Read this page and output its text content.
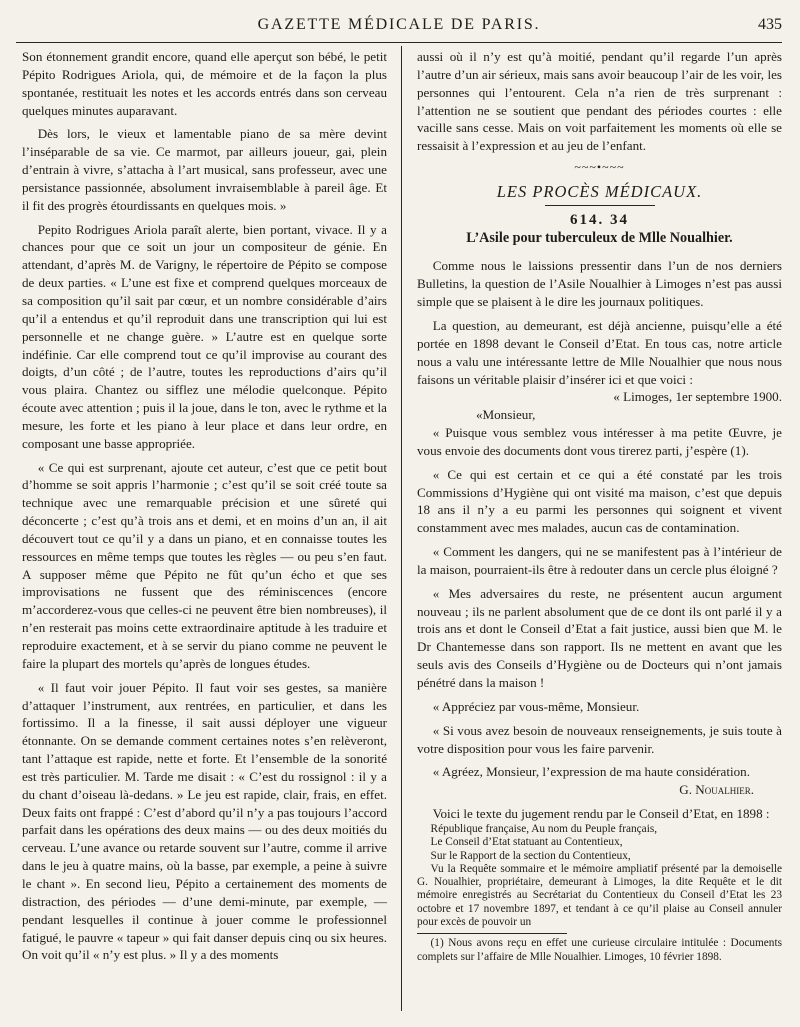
GAZETTE MÉDICALE DE PARIS.	435

Son étonnement grandit encore, quand elle aperçut son bébé, le petit Pépito Rodrigues Ariola, qui, de mémoire et de la façon la plus spontanée, restituait les notes et les accords entrés dans son cerveau quelques minutes auparavant.

Dès lors, le vieux et lamentable piano de sa mère devint l’inséparable de sa vie. Ce marmot, par ailleurs joueur, gai, plein d’entrain à vivre, s’attacha à l’art musical, sans professeur, avec une persistance passionnée, absolument invraisemblable à pareil âge. Et il fit des progrès étourdissants en quelques mois. »

Pepito Rodrigues Ariola paraît alerte, bien portant, vivace. Il y a chances pour que ce soit un jour un compositeur de génie. En attendant, d’après M. de Varigny, le répertoire de Pépito se compose de deux parties. « L’une est fixe et comprend quelques morceaux de sa composition qu’il sait par cœur, et un nombre considérable d’airs qu’il a entendus et qu’il reproduit dans une transcription qui lui est personnelle et ne change guère. » L’autre est en quelque sorte indéfinie. Car elle comprend tout ce qu’il improvise au courant des doigts, d’un côté ; de l’autre, toutes les reproductions d’airs qu’il vous plaira. Chantez ou sifflez une mélodie quelconque. Pépito écoute avec attention ; puis il la joue, dans le ton, avec le rythme et la mesure, les forte et les piano à leur place et dans leur ordre, en composant une basse appropriée.

« Ce qui est surprenant, ajoute cet auteur, c’est que ce petit bout d’homme se soit appris l’harmonie ; c’est qu’il se soit créé toute sa technique avec une remarquable précision et une sûreté qui déconcerte ; c’est qu’à trois ans et demi, et en moins d’un an, il ait découvert tout ce qu’il y a dans un piano, et en connaisse toutes les ressources en même temps que toutes les règles — ou peu s’en faut. A supposer même que Pépito ne fût qu’un écho et que ses improvisations ne fussent que des réminiscences (encore m’accorderez-vous que celles-ci ne peuvent être bien nombreuses), il n’en resterait pas moins cette extraordinaire aptitude à les traduire et reproduire exactement, et à se servir du piano comme ne peuvent le faire la plupart des mortels qu’après de longues études.

« Il faut voir jouer Pépito. Il faut voir ses gestes, sa manière d’attaquer l’instrument, aux rentrées, en particulier, et dans les fortissimo. Il a la finesse, il sait aussi déployer une vigueur étonnante. On se demande comment certaines notes s’en relèveront, tant l’attaque est rapide, nette et forte. Et l’ensemble de la sonorité est très particulier. M. Tarde me disait : « C’est du rossignol : il y a du chant d’oiseau là-dedans. » Le jeu est rapide, clair, frais, en effet. Deux faits ont frappé : C’est d’abord qu’il n’y a pas toujours l’accord parfait dans les opérations des deux mains — ou des deux moitiés du cerveau. L’une avance ou retarde souvent sur l’autre, comme il arrive dans le jeu à quatre mains, où la basse, par exemple, a peine à suivre le chant ». En second lieu, Pépito a certainement des moments de distraction, des périodes — d’une demi-minute, par exemple, — pendant lesquelles il continue à jouer comme le professionnel fatigué, le pauvre « tapeur » qui fait danser depuis cinq ou six heures. On voit qu’il « n’y est plus. » Il y a des moments

aussi où il n’y est qu’à moitié, pendant qu’il regarde l’un après l’autre d’un air sérieux, mais sans avoir beaucoup l’air de les voir, les personnes qui l’entourent. Cela n’a rien de très surprenant : l’attention ne se soutient que pendant des périodes courtes : elle vacille sans cesse. Mais on voit parfaitement les moments où elle se ressaisit à l’expression et au jeu de l’enfant.

~~~•~~~
LES PROCÈS MÉDICAUX.
614. 34
L’Asile pour tuberculeux de Mlle Noualhier.

Comme nous le laissions pressentir dans l’un de nos derniers Bulletins, la question de l’Asile Noualhier à Limoges n’est pas aussi simple que se plaisent à le dire les journaux politiques.

La question, au demeurant, est déjà ancienne, puisqu’elle a été portée en 1898 devant le Conseil d’Etat. En tous cas, notre article nous a valu une intéressante lettre de Mlle Noualhier que nous nous faisons un véritable plaisir d’insérer ici et que voici :

« Limoges, 1er septembre 1900.

«Monsieur,

« Puisque vous semblez vous intéresser à ma petite Œuvre, je vous envoie des documents dont vous tirerez parti, j’espère (1).

« Ce qui est certain et ce qui a été constaté par les trois Commissions d’Hygiène qui ont visité ma maison, c’est que depuis 18 ans il n’y a eu parmi les personnes qui soignent et vivent constamment avec mes malades, aucun cas de contamination.

« Comment les dangers, qui ne se manifestent pas à l’intérieur de la maison, pourraient-ils être à redouter dans un cercle plus éloigné ?

« Mes adversaires du reste, ne présentent aucun argument nouveau ; ils ne parlent absolument que de ce dont ils ont parlé il y a trois ans et dont le Conseil d’Etat a fait justice, aussi bien que M. le Dr Chantemesse dans son rapport. Ils ne mettent en avant que les seuls avis des Conseils d’Hygiène ou de Docteurs qui n’ont jamais pénétré dans la maison !

« Appréciez par vous-même, Monsieur.

« Si vous avez besoin de nouveaux renseignements, je suis toute à votre disposition pour vous les faire parvenir.

« Agréez, Monsieur, l’expression de ma haute considération.

G. Noualhier.

Voici le texte du jugement rendu par le Conseil d’Etat, en 1898 :

République française, Au nom du Peuple français,

Le Conseil d’Etat statuant au Contentieux,

Sur le Rapport de la section du Contentieux,

Vu la Requête sommaire et le mémoire ampliatif présenté par la demoiselle G. Noualhier, propriétaire, demeurant à Limoges, la dite Requête et le dit mémoire enregistrés au Secrétariat du Contentieux du Conseil d’Etat les 23 octobre et 17 novembre 1897, et tendant à ce qu’il plaise au Conseil annuler pour excès de pouvoir un

(1) Nous avons reçu en effet une curieuse circulaire intitulée : Documents complets sur l’affaire de Mlle Noualhier. Limoges, 10 février 1898.
